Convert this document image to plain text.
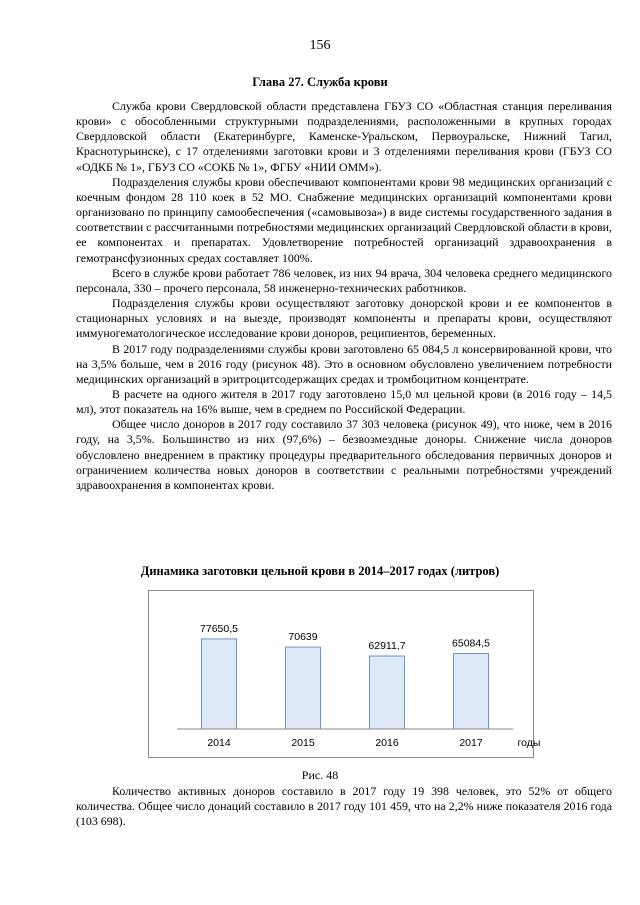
156
Глава 27. Служба крови

Служба крови Свердловской области представлена ГБУЗ СО «Областная станция переливания крови» с обособленными структурными подразделениями, расположенными в крупных городах Свердловской области (Екатеринбурге, Каменске-Уральском, Первоуральске, Нижний Тагил, Краснотурьинске), с 17 отделениями заготовки крови и 3 отделениями переливания крови (ГБУЗ СО «ОДКБ № 1», ГБУЗ СО «СОКБ № 1», ФГБУ «НИИ ОММ»).

Подразделения службы крови обеспечивают компонентами крови 98 медицинских организаций с коечным фондом 28 110 коек в 52 МО. Снабжение медицинских организаций компонентами крови организовано по принципу самообеспечения («самовывоза») в виде системы государственного задания в соответствии с рассчитанными потребностями медицинских организаций Свердловской области в крови, ее компонентах и препаратах. Удовлетворение потребностей организаций здравоохранения в гемотрансфузионных средах составляет 100%.

Всего в службе крови работает 786 человек, из них 94 врача, 304 человека среднего медицинского персонала, 330 – прочего персонала, 58 инженерно-технических работников.

Подразделения службы крови осуществляют заготовку донорской крови и ее компонентов в стационарных условиях и на выезде, производят компоненты и препараты крови, осуществляют иммуногематологическое исследование крови доноров, реципиентов, беременных.

В 2017 году подразделениями службы крови заготовлено 65 084,5 л консервированной крови, что на 3,5% больше, чем в 2016 году (рисунок 48). Это в основном обусловлено увеличением потребности медицинских организаций в эритроцитсодержащих средах и тромбоцитном концентрате.

В расчете на одного жителя в 2017 году заготовлено 15,0 мл цельной крови (в 2016 году – 14,5 мл), этот показатель на 16% выше, чем в среднем по Российской Федерации.

Общее число доноров в 2017 году составило 37 303 человека (рисунок 49), что ниже, чем в 2016 году, на 3,5%. Большинство из них (97,6%) – безвозмездные доноры. Снижение числа доноров обусловлено внедрением в практику процедуры предварительного обследования первичных доноров и ограничением количества новых доноров в соответствии с реальными потребностями учреждений здравоохранения в компонентах крови.

Динамика заготовки цельной крови в 2014–2017 годах (литров)
77650,5
2014
70639
2015
62911,7
2016
65084,5
2017	годы
Рис. 48

Количество активных доноров составило в 2017 году 19 398 человек, это 52% от общего количества. Общее число донаций составило в 2017 году 101 459, что на 2,2% ниже показателя 2016 года (103 698).
